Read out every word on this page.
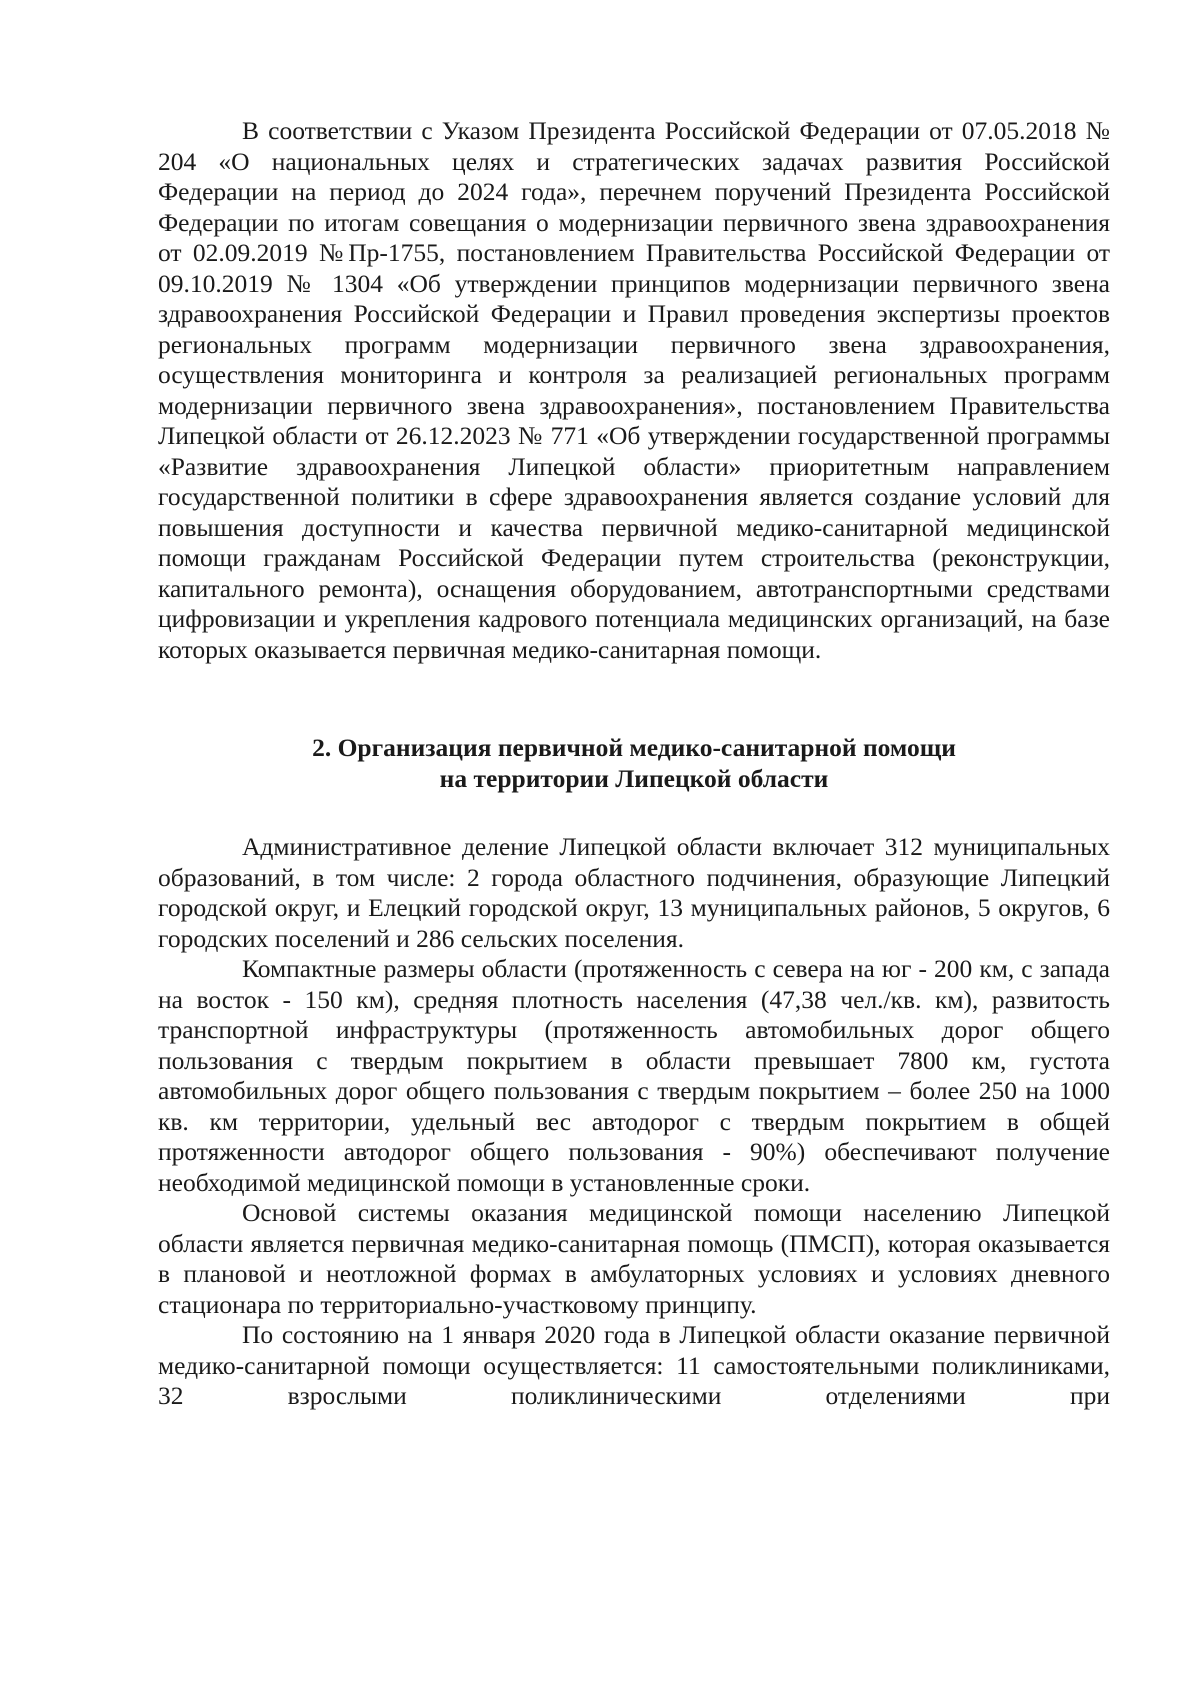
В соответствии с Указом Президента Российской Федерации от 07.05.2018 № 204 «О национальных целях и стратегических задачах развития Российской Федерации на период до 2024 года», перечнем поручений Президента Российской Федерации по итогам совещания о модернизации первичного звена здравоохранения от 02.09.2019 №Пр-1755, постановлением Правительства Российской Федерации от 09.10.2019 № 1304 «Об утверждении принципов модернизации первичного звена здравоохранения Российской Федерации и Правил проведения экспертизы проектов региональных программ модернизации первичного звена здравоохранения, осуществления мониторинга и контроля за реализацией региональных программ модернизации первичного звена здравоохранения», постановлением Правительства Липецкой области от 26.12.2023 № 771 «Об утверждении государственной программы «Развитие здравоохранения Липецкой области» приоритетным направлением государственной политики в сфере здравоохранения является создание условий для повышения доступности и качества первичной медико-санитарной медицинской помощи гражданам Российской Федерации путем строительства (реконструкции, капитального ремонта), оснащения оборудованием, автотранспортными средствами цифровизации и укрепления кадрового потенциала медицинских организаций, на базе которых оказывается первичная медико-санитарная помощи.

2. Организация первичной медико-санитарной помощи
на территории Липецкой области

Административное деление Липецкой области включает 312 муниципальных образований, в том числе: 2 города областного подчинения, образующие Липецкий городской округ, и Елецкий городской округ, 13 муниципальных районов, 5 округов, 6 городских поселений и 286 сельских поселения.

Компактные размеры области (протяженность с севера на юг - 200 км, с запада на восток - 150 км), средняя плотность населения (47,38 чел./кв. км), развитость транспортной инфраструктуры (протяженность автомобильных дорог общего пользования с твердым покрытием в области превышает 7800 км, густота автомобильных дорог общего пользования с твердым покрытием – более 250 на 1000 кв. км территории, удельный вес автодорог с твердым покрытием в общей протяженности автодорог общего пользования - 90%) обеспечивают получение необходимой медицинской помощи в установленные сроки.

Основой системы оказания медицинской помощи населению Липецкой области является первичная медико-санитарная помощь (ПМСП), которая оказывается в плановой и неотложной формах в амбулаторных условиях и условиях дневного стационара по территориально-участковому принципу.

По состоянию на 1 января 2020 года в Липецкой области оказание первичной медико-санитарной помощи осуществляется: 11 самостоятельными поликлиниками, 32 взрослыми поликлиническими отделениями при
